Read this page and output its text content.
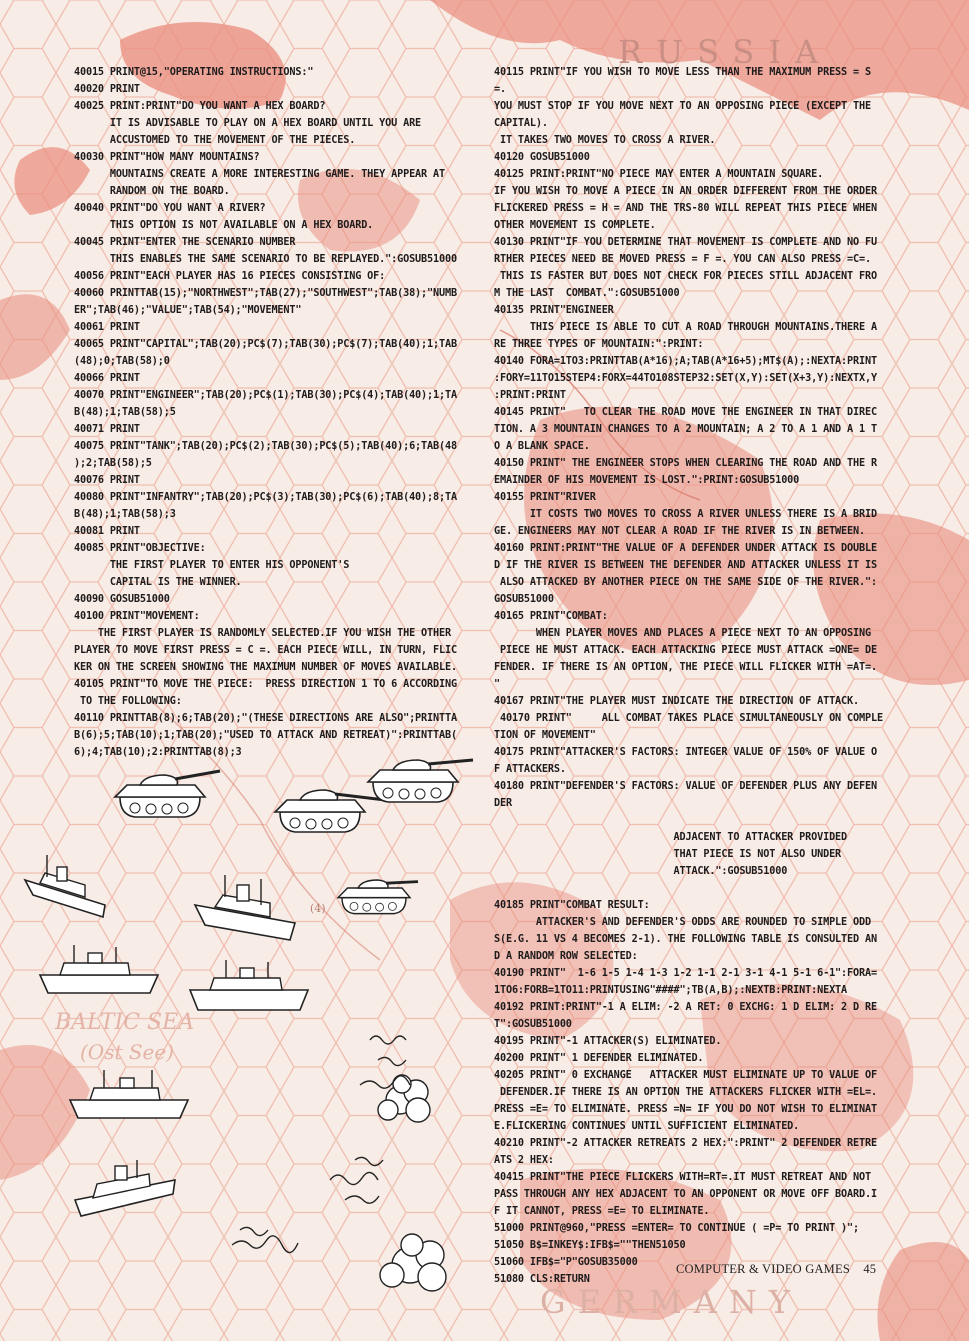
RUSSIA
BALTIC SEA
(Ost See)
GERMANY
(4)
40015 PRINT@15,"OPERATING INSTRUCTIONS:"
40020 PRINT
40025 PRINT:PRINT"DO YOU WANT A HEX BOARD?
IT IS ADVISABLE TO PLAY ON A HEX BOARD UNTIL YOU ARE
ACCUSTOMED TO THE MOVEMENT OF THE PIECES.
40030 PRINT"HOW MANY MOUNTAINS?
MOUNTAINS CREATE A MORE INTERESTING GAME. THEY APPEAR AT
RANDOM ON THE BOARD.
40040 PRINT"DO YOU WANT A RIVER?
THIS OPTION IS NOT AVAILABLE ON A HEX BOARD.
40045 PRINT"ENTER THE SCENARIO NUMBER
THIS ENABLES THE SAME SCENARIO TO BE REPLAYED.":GOSUB51000
40056 PRINT"EACH PLAYER HAS 16 PIECES CONSISTING OF:
40060 PRINTTAB(15);"NORTHWEST";TAB(27);"SOUTHWEST";TAB(38);"NUMB
ER";TAB(46);"VALUE";TAB(54);"MOVEMENT"
40061 PRINT
40065 PRINT"CAPITAL";TAB(20);PC$(7);TAB(30);PC$(7);TAB(40);1;TAB
(48);0;TAB(58);0
40066 PRINT
40070 PRINT"ENGINEER";TAB(20);PC$(1);TAB(30);PC$(4);TAB(40);1;TA
B(48);1;TAB(58);5
40071 PRINT
40075 PRINT"TANK";TAB(20);PC$(2);TAB(30);PC$(5);TAB(40);6;TAB(48
);2;TAB(58);5
40076 PRINT
40080 PRINT"INFANTRY";TAB(20);PC$(3);TAB(30);PC$(6);TAB(40);8;TA
B(48);1;TAB(58);3
40081 PRINT
40085 PRINT"OBJECTIVE:
THE FIRST PLAYER TO ENTER HIS OPPONENT'S
CAPITAL IS THE WINNER.
40090 GOSUB51000
40100 PRINT"MOVEMENT:
THE FIRST PLAYER IS RANDOMLY SELECTED.IF YOU WISH THE OTHER
PLAYER TO MOVE FIRST PRESS = C =. EACH PIECE WILL, IN TURN, FLIC
KER ON THE SCREEN SHOWING THE MAXIMUM NUMBER OF MOVES AVAILABLE.
40105 PRINT"TO MOVE THE PIECE:  PRESS DIRECTION 1 TO 6 ACCORDING
TO THE FOLLOWING:
40110 PRINTTAB(8);6;TAB(20);"(THESE DIRECTIONS ARE ALSO";PRINTTA
B(6);5;TAB(10);1;TAB(20);"USED TO ATTACK AND RETREAT)":PRINTTAB(
6);4;TAB(10);2:PRINTTAB(8);3
40115 PRINT"IF YOU WISH TO MOVE LESS THAN THE MAXIMUM PRESS = S
=.
YOU MUST STOP IF YOU MOVE NEXT TO AN OPPOSING PIECE (EXCEPT THE
CAPITAL).
IT TAKES TWO MOVES TO CROSS A RIVER.
40120 GOSUB51000
40125 PRINT:PRINT"NO PIECE MAY ENTER A MOUNTAIN SQUARE.
IF YOU WISH TO MOVE A PIECE IN AN ORDER DIFFERENT FROM THE ORDER
FLICKERED PRESS = H = AND THE TRS-80 WILL REPEAT THIS PIECE WHEN
OTHER MOVEMENT IS COMPLETE.
40130 PRINT"IF YOU DETERMINE THAT MOVEMENT IS COMPLETE AND NO FU
RTHER PIECES NEED BE MOVED PRESS = F =. YOU CAN ALSO PRESS =C=.
THIS IS FASTER BUT DOES NOT CHECK FOR PIECES STILL ADJACENT FRO
M THE LAST  COMBAT.":GOSUB51000
40135 PRINT"ENGINEER
THIS PIECE IS ABLE TO CUT A ROAD THROUGH MOUNTAINS.THERE A
RE THREE TYPES OF MOUNTAIN:":PRINT:
40140 FORA=1TO3:PRINTTAB(A*16);A;TAB(A*16+5);MT$(A);:NEXTA:PRINT
:FORY=11TO15STEP4:FORX=44TO108STEP32:SET(X,Y):SET(X+3,Y):NEXTX,Y
:PRINT:PRINT
40145 PRINT"   TO CLEAR THE ROAD MOVE THE ENGINEER IN THAT DIREC
TION. A 3 MOUNTAIN CHANGES TO A 2 MOUNTAIN; A 2 TO A 1 AND A 1 T
O A BLANK SPACE.
40150 PRINT" THE ENGINEER STOPS WHEN CLEARING THE ROAD AND THE R
EMAINDER OF HIS MOVEMENT IS LOST.":PRINT:GOSUB51000
40155 PRINT"RIVER
IT COSTS TWO MOVES TO CROSS A RIVER UNLESS THERE IS A BRID
GE. ENGINEERS MAY NOT CLEAR A ROAD IF THE RIVER IS IN BETWEEN.
40160 PRINT:PRINT"THE VALUE OF A DEFENDER UNDER ATTACK IS DOUBLE
D IF THE RIVER IS BETWEEN THE DEFENDER AND ATTACKER UNLESS IT IS
ALSO ATTACKED BY ANOTHER PIECE ON THE SAME SIDE OF THE RIVER.":
GOSUB51000
40165 PRINT"COMBAT:
WHEN PLAYER MOVES AND PLACES A PIECE NEXT TO AN OPPOSING
PIECE HE MUST ATTACK. EACH ATTACKING PIECE MUST ATTACK =ONE= DE
FENDER. IF THERE IS AN OPTION, THE PIECE WILL FLICKER WITH =AT=.
"
40167 PRINT"THE PLAYER MUST INDICATE THE DIRECTION OF ATTACK.
40170 PRINT"     ALL COMBAT TAKES PLACE SIMULTANEOUSLY ON COMPLE
TION OF MOVEMENT"
40175 PRINT"ATTACKER'S FACTORS: INTEGER VALUE OF 150% OF VALUE O
F ATTACKERS.
40180 PRINT"DEFENDER'S FACTORS: VALUE OF DEFENDER PLUS ANY DEFEN
DER
ADJACENT TO ATTACKER PROVIDED
THAT PIECE IS NOT ALSO UNDER
ATTACK.":GOSUB51000
40185 PRINT"COMBAT RESULT:
ATTACKER'S AND DEFENDER'S ODDS ARE ROUNDED TO SIMPLE ODD
S(E.G. 11 VS 4 BECOMES 2-1). THE FOLLOWING TABLE IS CONSULTED AN
D A RANDOM ROW SELECTED:
40190 PRINT"  1-6 1-5 1-4 1-3 1-2 1-1 2-1 3-1 4-1 5-1 6-1":FORA=
1TO6:FORB=1TO11:PRINTUSING"####";TB(A,B);:NEXTB:PRINT:NEXTA
40192 PRINT:PRINT"-1 A ELIM: -2 A RET: 0 EXCHG: 1 D ELIM: 2 D RE
T":GOSUB51000
40195 PRINT"-1 ATTACKER(S) ELIMINATED.
40200 PRINT" 1 DEFENDER ELIMINATED.
40205 PRINT" 0 EXCHANGE   ATTACKER MUST ELIMINATE UP TO VALUE OF
DEFENDER.IF THERE IS AN OPTION THE ATTACKERS FLICKER WITH =EL=.
PRESS =E= TO ELIMINATE. PRESS =N= IF YOU DO NOT WISH TO ELIMINAT
E.FLICKERING CONTINUES UNTIL SUFFICIENT ELIMINATED.
40210 PRINT"-2 ATTACKER RETREATS 2 HEX:":PRINT" 2 DEFENDER RETRE
ATS 2 HEX:
40415 PRINT"THE PIECE FLICKERS WITH=RT=.IT MUST RETREAT AND NOT
PASS THROUGH ANY HEX ADJACENT TO AN OPPONENT OR MOVE OFF BOARD.I
F IT CANNOT, PRESS =E= TO ELIMINATE.
51000 PRINT@960,"PRESS =ENTER= TO CONTINUE ( =P= TO PRINT )";
51050 B$=INKEY$:IFB$=""THEN51050
51060 IFB$="P"GOSUB35000
51080 CLS:RETURN
COMPUTER & VIDEO GAMES 45
